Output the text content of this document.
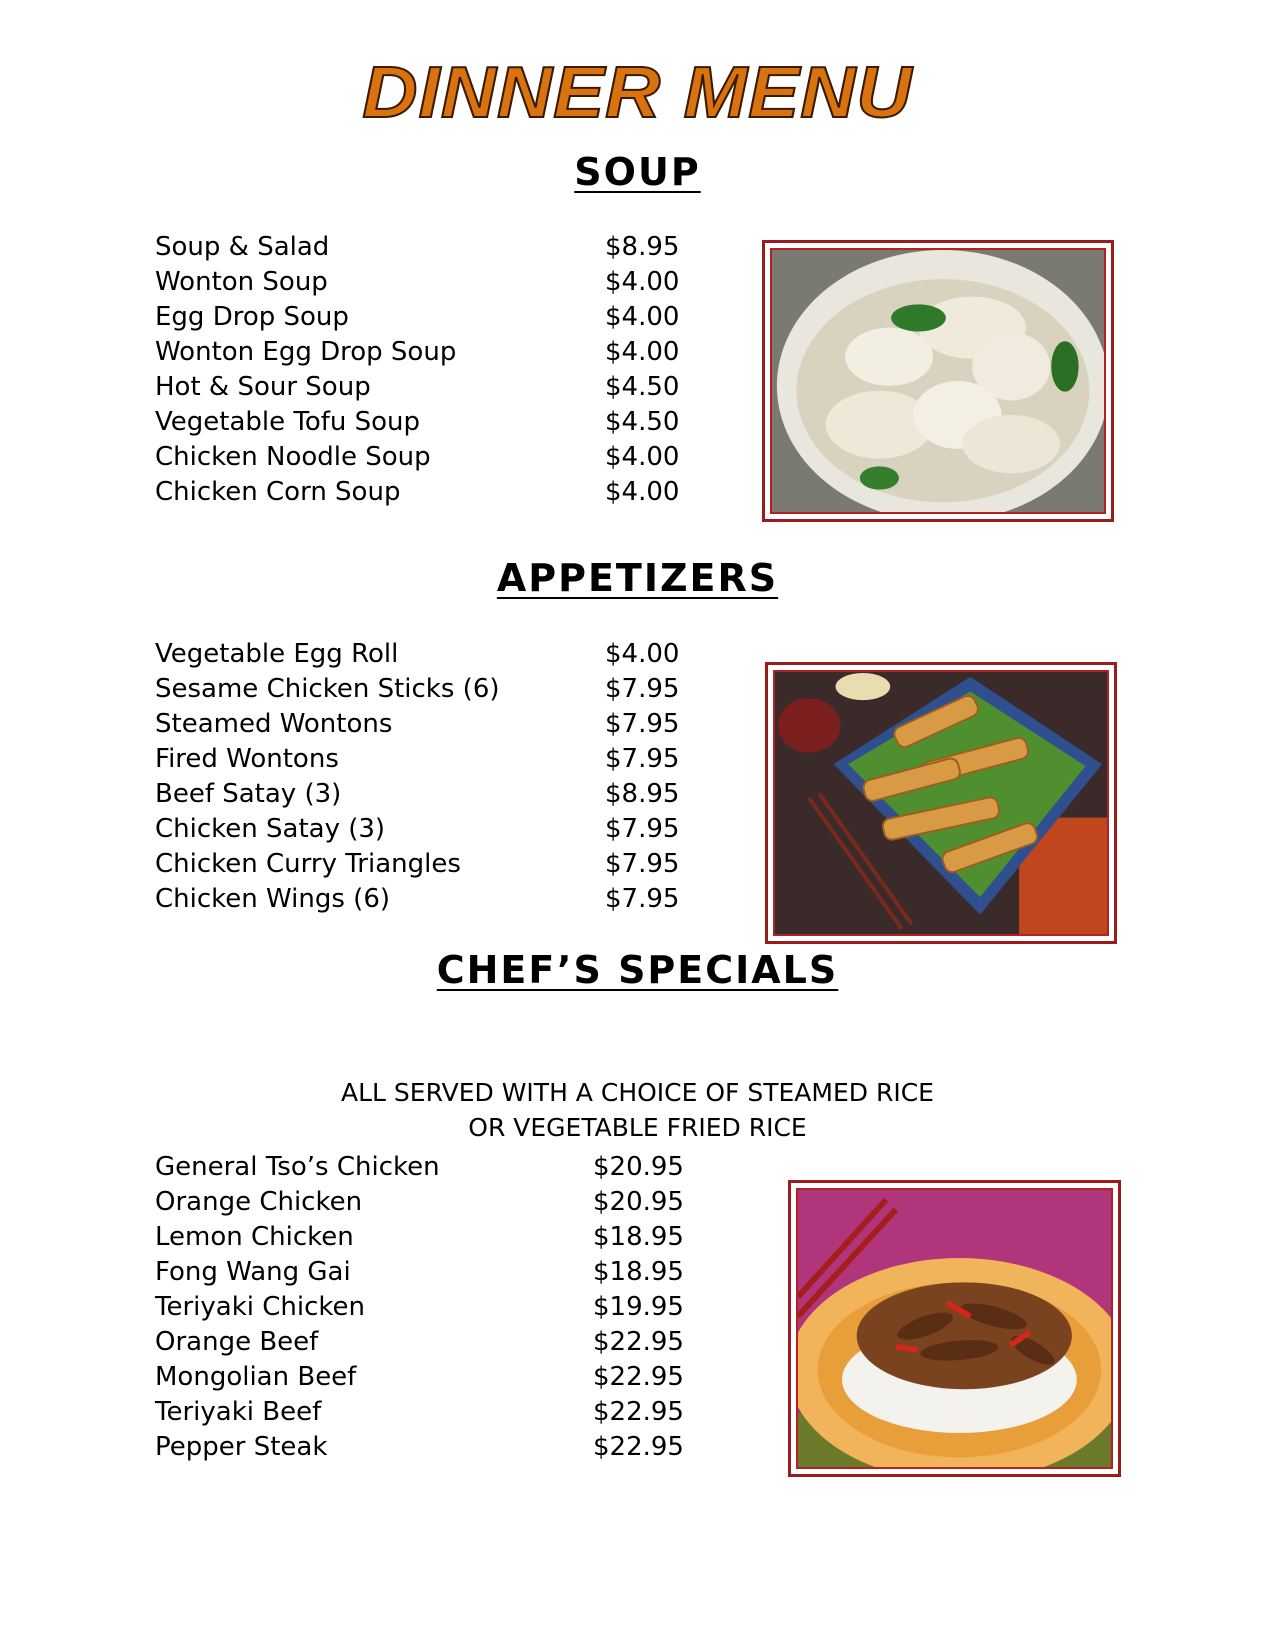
DINNER MENU
SOUP
Soup & Salad	$8.95
Wonton Soup	$4.00
Egg Drop Soup	$4.00
Wonton Egg Drop Soup	$4.00
Hot & Sour Soup	$4.50
Vegetable Tofu Soup	$4.50
Chicken Noodle Soup	$4.00
Chicken Corn Soup	$4.00
APPETIZERS
Vegetable Egg Roll	$4.00
Sesame Chicken Sticks (6)	$7.95
Steamed Wontons	$7.95
Fired Wontons	$7.95
Beef Satay (3)	$8.95
Chicken Satay (3)	$7.95
Chicken Curry Triangles	$7.95
Chicken Wings (6)	$7.95
CHEF’S SPECIALS
ALL SERVED WITH A CHOICE OF STEAMED RICE
OR VEGETABLE FRIED RICE
General Tso’s Chicken	$20.95
Orange Chicken	$20.95
Lemon Chicken	$18.95
Fong Wang Gai	$18.95
Teriyaki Chicken	$19.95
Orange Beef	$22.95
Mongolian Beef	$22.95
Teriyaki Beef	$22.95
Pepper Steak	$22.95
